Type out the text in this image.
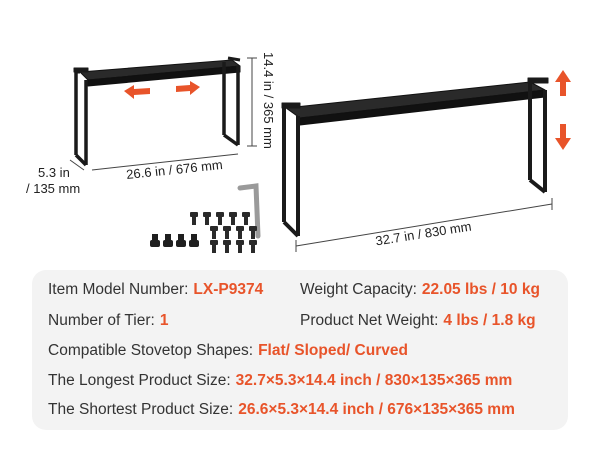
14.4 in / 365 mm
26.6 in / 676 mm
5.3 in
/ 135 mm
32.7 in / 830 mm
Item Model Number: LX-P9374 Weight Capacity: 22.05 lbs / 10 kg
Number of Tier: 1	Product Net Weight: 4 lbs / 1.8 kg
Compatible Stovetop Shapes: Flat/ Sloped/ Curved
The Longest Product Size: 32.7×5.3×14.4 inch / 830×135×365 mm
The Shortest Product Size: 26.6×5.3×14.4 inch / 676×135×365 mm
